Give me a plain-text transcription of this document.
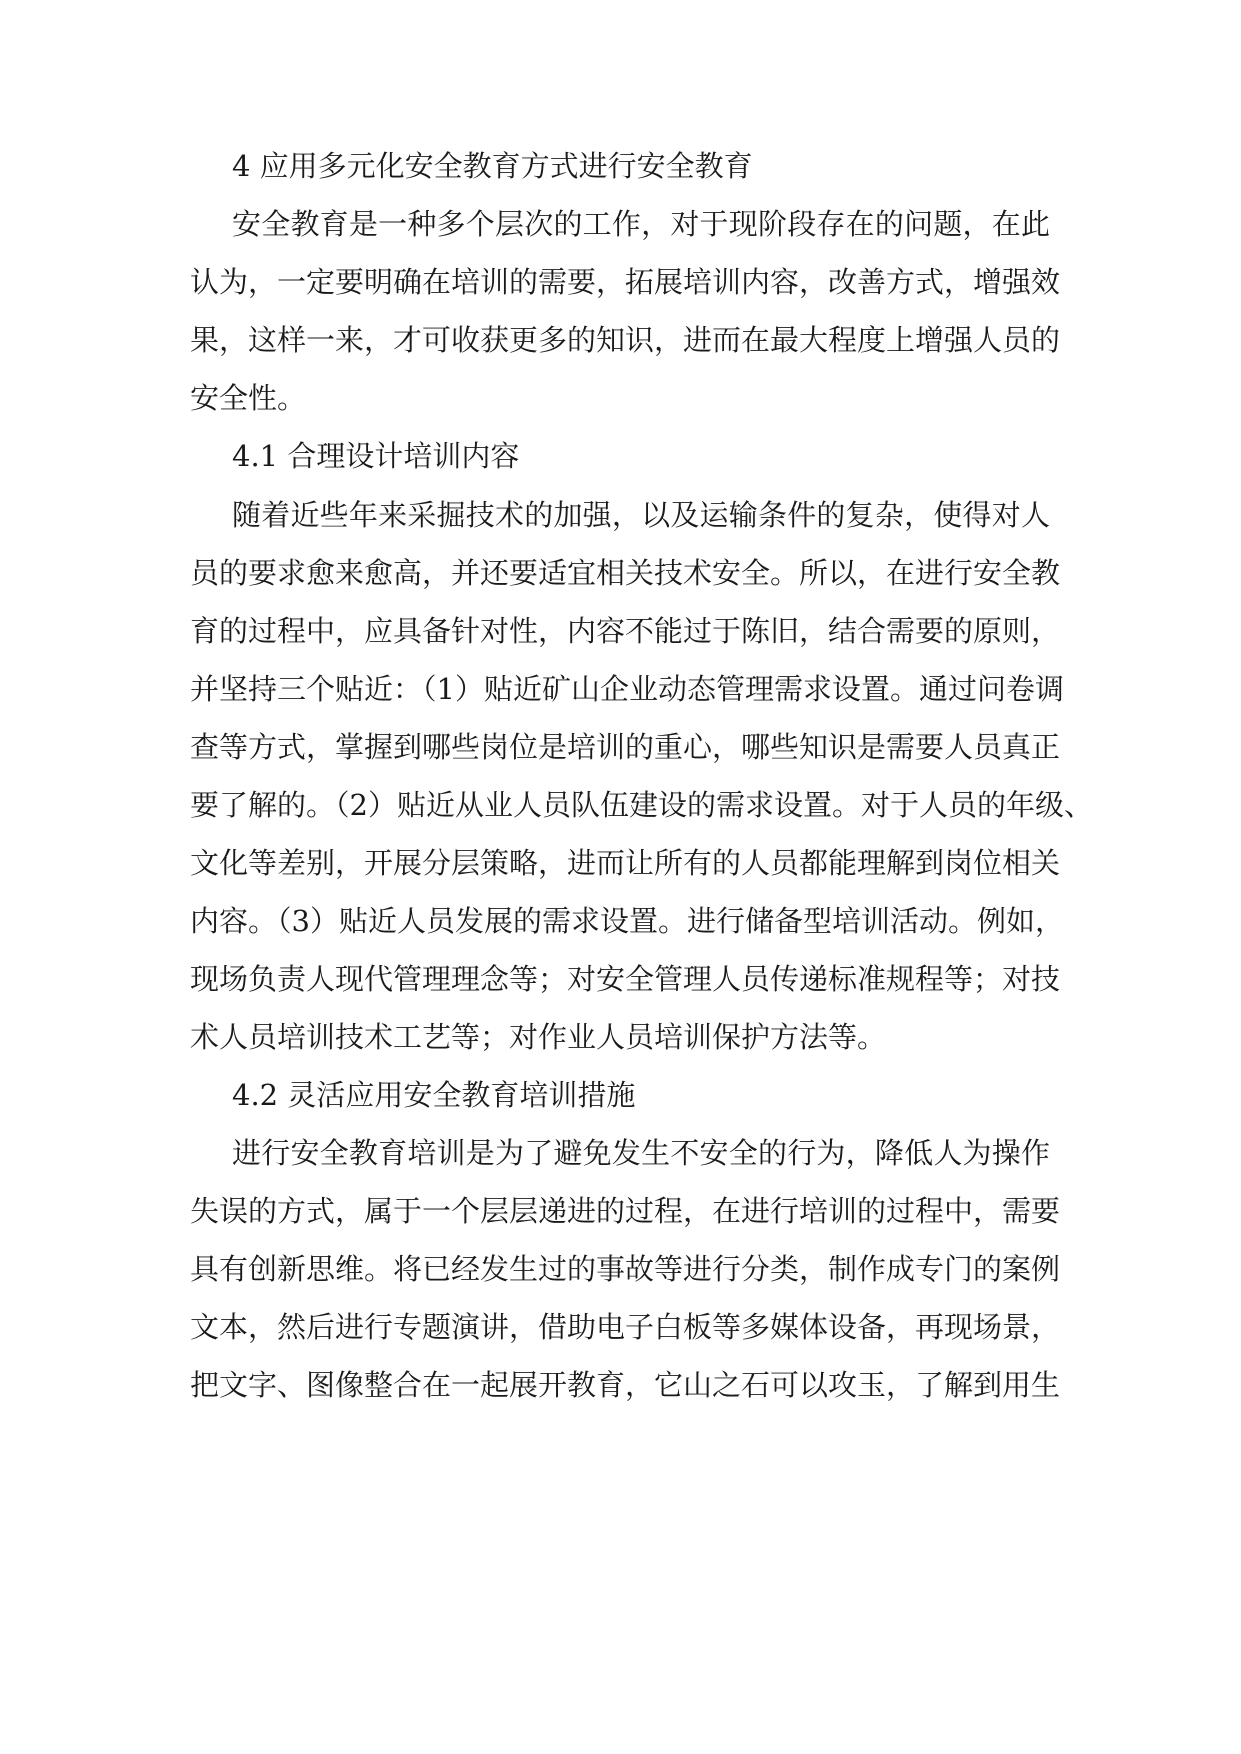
4 应用多元化安全教育方式进行安全教育
安全教育是一种多个层次的工作，对于现阶段存在的问题，在此
认为，一定要明确在培训的需要，拓展培训内容，改善方式，增强效
果，这样一来，才可收获更多的知识，进而在最大程度上增强人员的
安全性。
4.1 合理设计培训内容
随着近些年来采掘技术的加强，以及运输条件的复杂，使得对人
员的要求愈来愈高，并还要适宜相关技术安全。所以，在进行安全教
育的过程中，应具备针对性，内容不能过于陈旧，结合需要的原则，
并坚持三个贴近：（1）贴近矿山企业动态管理需求设置。通过问卷调
查等方式，掌握到哪些岗位是培训的重心，哪些知识是需要人员真正
要了解的。（2）贴近从业人员队伍建设的需求设置。对于人员的年级、
文化等差别，开展分层策略，进而让所有的人员都能理解到岗位相关
内容。（3）贴近人员发展的需求设置。进行储备型培训活动。例如，
现场负责人现代管理理念等；对安全管理人员传递标准规程等；对技
术人员培训技术工艺等；对作业人员培训保护方法等。
4.2 灵活应用安全教育培训措施
进行安全教育培训是为了避免发生不安全的行为，降低人为操作
失误的方式，属于一个层层递进的过程，在进行培训的过程中，需要
具有创新思维。将已经发生过的事故等进行分类，制作成专门的案例
文本，然后进行专题演讲，借助电子白板等多媒体设备，再现场景，
把文字、图像整合在一起展开教育，它山之石可以攻玉，了解到用生
